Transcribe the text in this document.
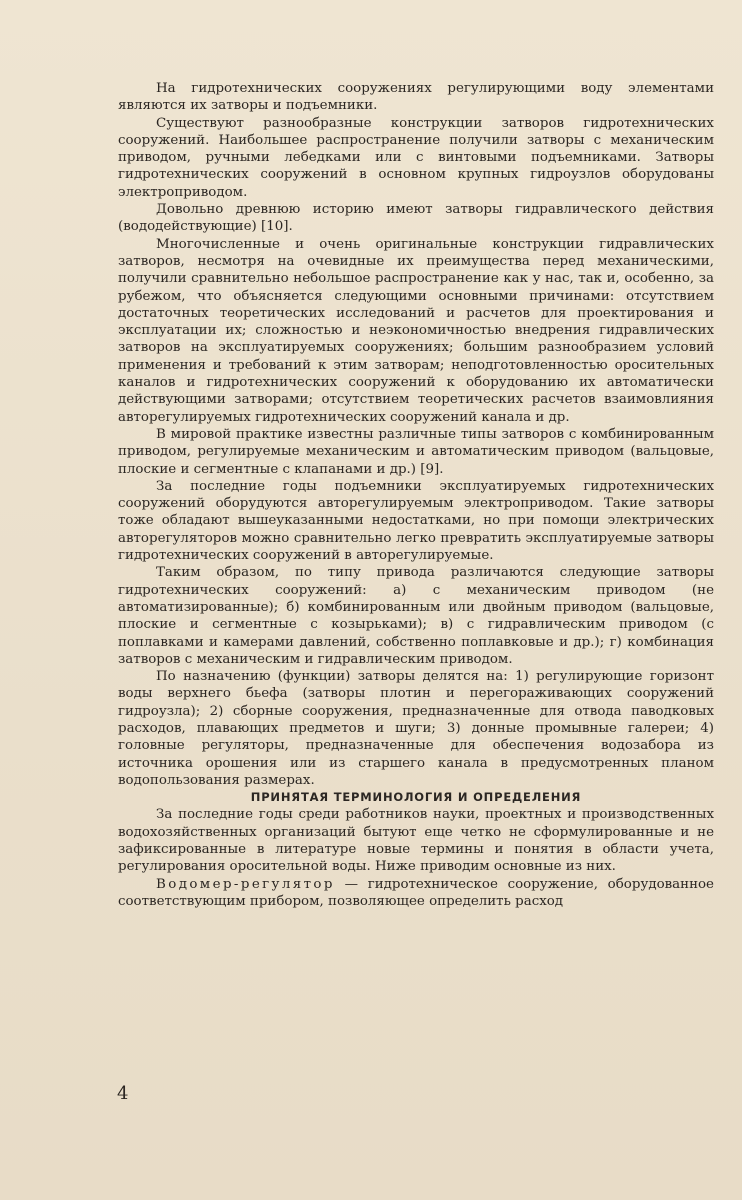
На гидротехнических сооружениях регулирующими воду элементами являются их затворы и подъемники.

Существуют разнообразные конструкции затворов гидротехнических сооружений. Наибольшее распространение получили затворы с механическим приводом, ручными лебедками или с винтовыми подъемниками. Затворы гидротехнических сооружений в основном крупных гидроузлов оборудованы электроприводом.

Довольно древнюю историю имеют затворы гидравлического действия (вододействующие) [10].

Многочисленные и очень оригинальные конструкции гидравлических затворов, несмотря на очевидные их преимущества перед механическими, получили сравнительно небольшое распространение как у нас, так и, особенно, за рубежом, что объясняется следующими основными причинами: отсутствием достаточных теоретических исследований и расчетов для проектирования и эксплуатации их; сложностью и неэкономичностью внедрения гидравлических затворов на эксплуатируемых сооружениях; большим разнообразием условий применения и требований к этим затворам; неподготовленностью оросительных каналов и гидротехнических сооружений к оборудованию их автоматически действующими затворами; отсутствием теоретических расчетов взаимовлияния авторегулируемых гидротехнических сооружений канала и др.

В мировой практике известны различные типы затворов с комбинированным приводом, регулируемые механическим и автоматическим приводом (вальцовые, плоские и сегментные с клапанами и др.) [9].

За последние годы подъемники эксплуатируемых гидротехнических сооружений оборудуются авторегулируемым электроприводом. Такие затворы тоже обладают вышеуказанными недостатками, но при помощи электрических авторегуляторов можно сравнительно легко превратить эксплуатируемые затворы гидротехнических сооружений в авторегулируемые.

Таким образом, по типу привода различаются следующие затворы гидротехнических сооружений: а) с механическим приводом (не автоматизированные); б) комбинированным или двойным приводом (вальцовые, плоские и сегментные с козырьками); в) с гидравлическим приводом (с поплавками и камерами давлений, собственно поплавковые и др.); г) комбинация затворов с механическим и гидравлическим приводом.

По назначению (функции) затворы делятся на: 1) регулирующие горизонт воды верхнего бьефа (затворы плотин и перегораживающих сооружений гидроузла); 2) сборные сооружения, предназначенные для отвода паводковых расходов, плавающих предметов и шуги; 3) донные промывные галереи; 4) головные регуляторы, предназначенные для обеспечения водозабора из источника орошения или из старшего канала в предусмотренных планом водопользования размерах.

ПРИНЯТАЯ ТЕРМИНОЛОГИЯ И ОПРЕДЕЛЕНИЯ

За последние годы среди работников науки, проектных и производственных водохозяйственных организаций бытуют еще четко не сформулированные и не зафиксированные в литературе новые термины и понятия в области учета, регулирования оросительной воды. Ниже приводим основные из них.

Водомер-регулятор — гидротехническое сооружение, оборудованное соответствующим прибором, позволяющее определить расход

4
